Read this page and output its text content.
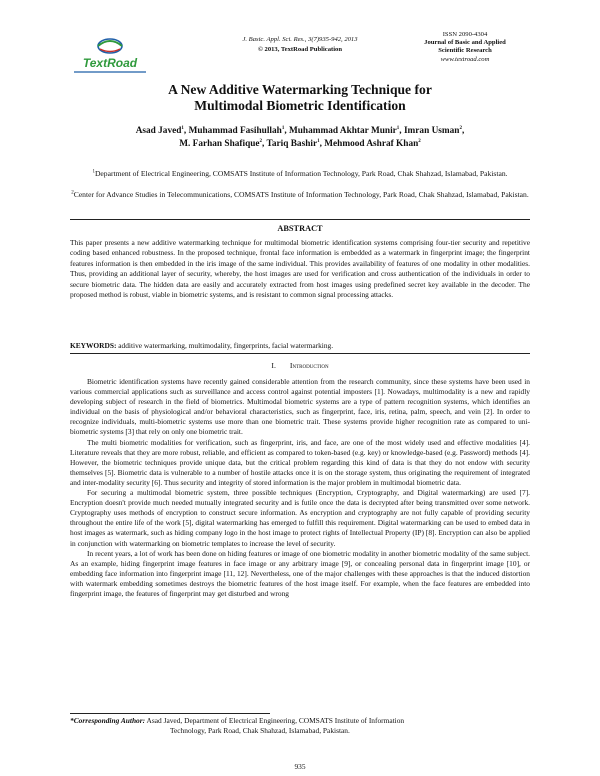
TextRoad
J. Basic. Appl. Sci. Res., 3(7)935-942, 2013
© 2013, TextRoad Publication
ISSN 2090-4304
Journal of Basic and Applied
Scientific Research
www.textroad.com
A New Additive Watermarking Technique for
Multimodal Biometric Identification
Asad Javed$^1$, Muhammad Fasihullah$^1$, Muhammad Akhtar Munir$^1$, Imran Usman$^2$,
M. Farhan Shafique$^2$, Tariq Bashir$^1$, Mehmood Ashraf Khan$^2$
$^1$Department of Electrical Engineering, COMSATS Institute of Information Technology, Park Road, Chak Shahzad, Islamabad, Pakistan.
$^2$Center for Advance Studies in Telecommunications, COMSATS Institute of Information Technology, Park Road, Chak Shahzad, Islamabad, Pakistan.
ABSTRACT
This paper presents a new additive watermarking technique for multimodal biometric identification systems comprising four-tier security and repetitive coding based enhanced robustness. In the proposed technique, frontal face information is embedded as a watermark in fingerprint image; the fingerprint features information is then embedded in the iris image of the same individual. This provides availability of features of one modality in other modalities. Thus, providing an additional layer of security, whereby, the host images are used for verification and cross authentication of the individuals in order to secure biometric data. The hidden data are easily and accurately extracted from host images using predefined secret key available in the decoder. The proposed method is robust, viable in biometric systems, and is resistant to common signal processing attacks.
KEYWORDS: additive watermarking, multimodality, fingerprints, facial watermarking.
I. Introduction

Biometric identification systems have recently gained considerable attention from the research community, since these systems have been used in various commercial applications such as surveillance and access control against potential imposters [1]. Nowadays, multimodality is a new and rapidly developing subject of research in the field of biometrics. Multimodal biometric systems are a type of pattern recognition systems, which identifies an individual on the basis of physiological and/or behavioral characteristics, such as fingerprint, face, iris, retina, palm, speech, and vein [2]. In order to recognize individuals, multi-biometric systems use more than one biometric trait. These systems provide higher recognition rate as compared to uni-biometric systems [3] that rely on only one biometric trait.

The multi biometric modalities for verification, such as fingerprint, iris, and face, are one of the most widely used and effective modalities [4]. Literature reveals that they are more robust, reliable, and efficient as compared to token-based (e.g. key) or knowledge-based (e.g. Password) methods [4]. However, the biometric techniques provide unique data, but the critical problem regarding this kind of data is that they do not endow with security themselves [5]. Biometric data is vulnerable to a number of hostile attacks once it is on the storage system, thus originating the requirement of integrated and inter-modality security [6]. Thus security and integrity of stored information is the major problem in multimodal biometric data.

For securing a multimodal biometric system, three possible techniques (Encryption, Cryptography, and Digital watermarking) are used [7]. Encryption doesn't provide much needed mutually integrated security and is futile once the data is decrypted after being transmitted over some network. Cryptography uses methods of encryption to construct secure information. As encryption and cryptography are not fully capable of providing security throughout the entire life of the work [5], digital watermarking has emerged to fulfill this requirement. Digital watermarking can be used to embed data in host images as watermark, such as hiding company logo in the host image to protect rights of Intellectual Property (IP) [8]. Encryption can also be applied in conjunction with watermarking on biometric templates to increase the level of security.

In recent years, a lot of work has been done on hiding features or image of one biometric modality in another biometric modality of the same subject. As an example, hiding fingerprint image features in face image or any arbitrary image [9], or concealing personal data in fingerprint image [10], or embedding face information into fingerprint image [11, 12]. Nevertheless, one of the major challenges with these approaches is that the induced distortion with watermark embedding sometimes destroys the biometric features of the host image itself. For example, when the face features are embedded into fingerprint image, the features of fingerprint may get disturbed and wrong

*Corresponding Author: Asad Javed, Department of Electrical Engineering, COMSATS Institute of Information
Technology, Park Road, Chak Shahzad, Islamabad, Pakistan.
935
